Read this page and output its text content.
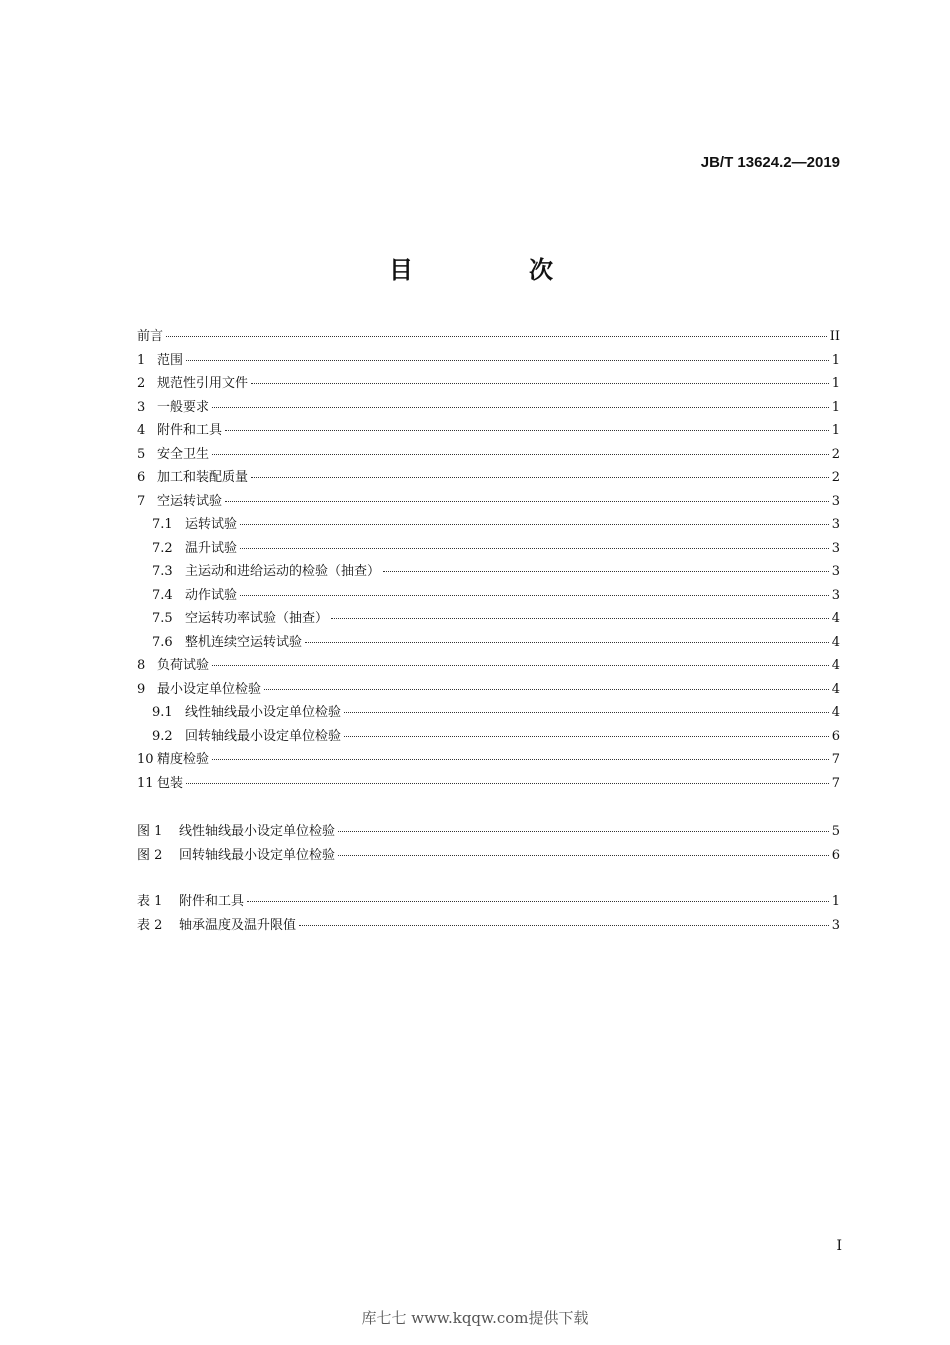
JB/T 13624.2—2019
目　次
前言	II
1 范围	1
2 规范性引用文件	1
3 一般要求	1
4 附件和工具	1
5 安全卫生	2
6 加工和装配质量	2
7 空运转试验	3
7.1 运转试验	3
7.2 温升试验	3
7.3 主运动和进给运动的检验（抽查）	3
7.4 动作试验	3
7.5 空运转功率试验（抽查）	4
7.6 整机连续空运转试验	4
8 负荷试验	4
9 最小设定单位检验	4
9.1 线性轴线最小设定单位检验	4
9.2 回转轴线最小设定单位检验	6
10 精度检验	7
11 包装	7
图 1	线性轴线最小设定单位检验	5
图 2	回转轴线最小设定单位检验	6
表 1	附件和工具	1
表 2	轴承温度及温升限值	3
I
库七七 www.kqqw.com提供下载
